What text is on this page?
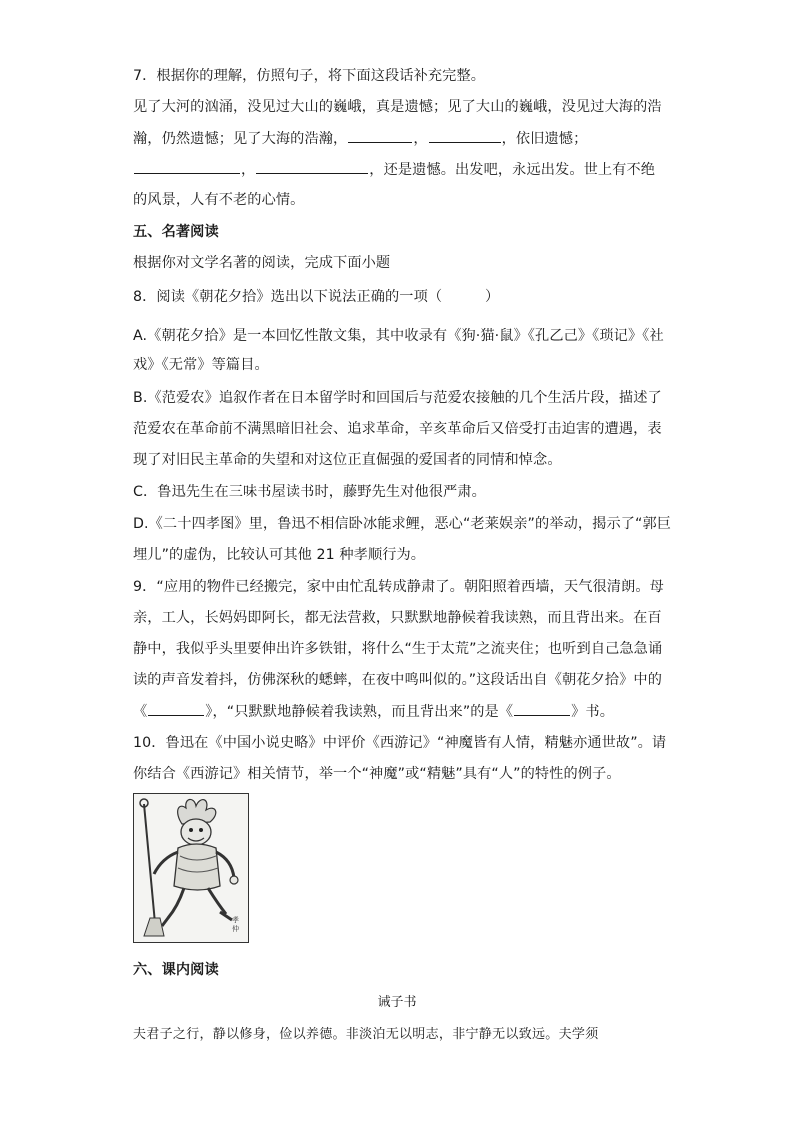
7．根据你的理解，仿照句子，将下面这段话补充完整。
见了大河的汹涌，没见过大山的巍峨，真是遗憾；见了大山的巍峨，没见过大海的浩
瀚，仍然遗憾；见了大海的浩瀚，	，	，依旧遗憾；
，	，还是遗憾。出发吧，永远出发。世上有不绝
的风景，人有不老的心情。
五、名著阅读
根据你对文学名著的阅读，完成下面小题
8．阅读《朝花夕拾》选出以下说法正确的一项（　　　）
A.《朝花夕拾》是一本回忆性散文集，其中收录有《狗·猫·鼠》《孔乙己》《琐记》《社
戏》《无常》等篇目。
B.《范爱农》追叙作者在日本留学时和回国后与范爱农接触的几个生活片段，描述了
范爱农在革命前不满黑暗旧社会、追求革命，辛亥革命后又倍受打击迫害的遭遇，表
现了对旧民主革命的失望和对这位正直倔强的爱国者的同情和悼念。
C．鲁迅先生在三味书屋读书时，藤野先生对他很严肃。
D.《二十四孝图》里，鲁迅不相信卧冰能求鲤，恶心“老莱娱亲”的举动，揭示了“郭巨
埋儿”的虚伪，比较认可其他 21 种孝顺行为。
9．“应用的物件已经搬完，家中由忙乱转成静肃了。朝阳照着西墙，天气很清朗。母
亲，工人，长妈妈即阿长，都无法营救，只默默地静候着我读熟，而且背出来。在百
静中，我似乎头里要伸出许多铁钳，将什么“生于太荒”之流夹住；也听到自己急急诵
读的声音发着抖，仿佛深秋的蟋蟀，在夜中鸣叫似的。”这段话出自《朝花夕拾》中的
《	》，“只默默地静候着我读熟，而且背出来”的是《	》书。
10．鲁迅在《中国小说史略》中评价《西游记》“神魔皆有人情，精魅亦通世故”。请
你结合《西游记》相关情节，举一个“神魔”或“精魅”具有“人”的特性的例子。
孝
仲
六、课内阅读
诫子书
夫君子之行，静以修身，俭以养德。非淡泊无以明志，非宁静无以致远。夫学须
